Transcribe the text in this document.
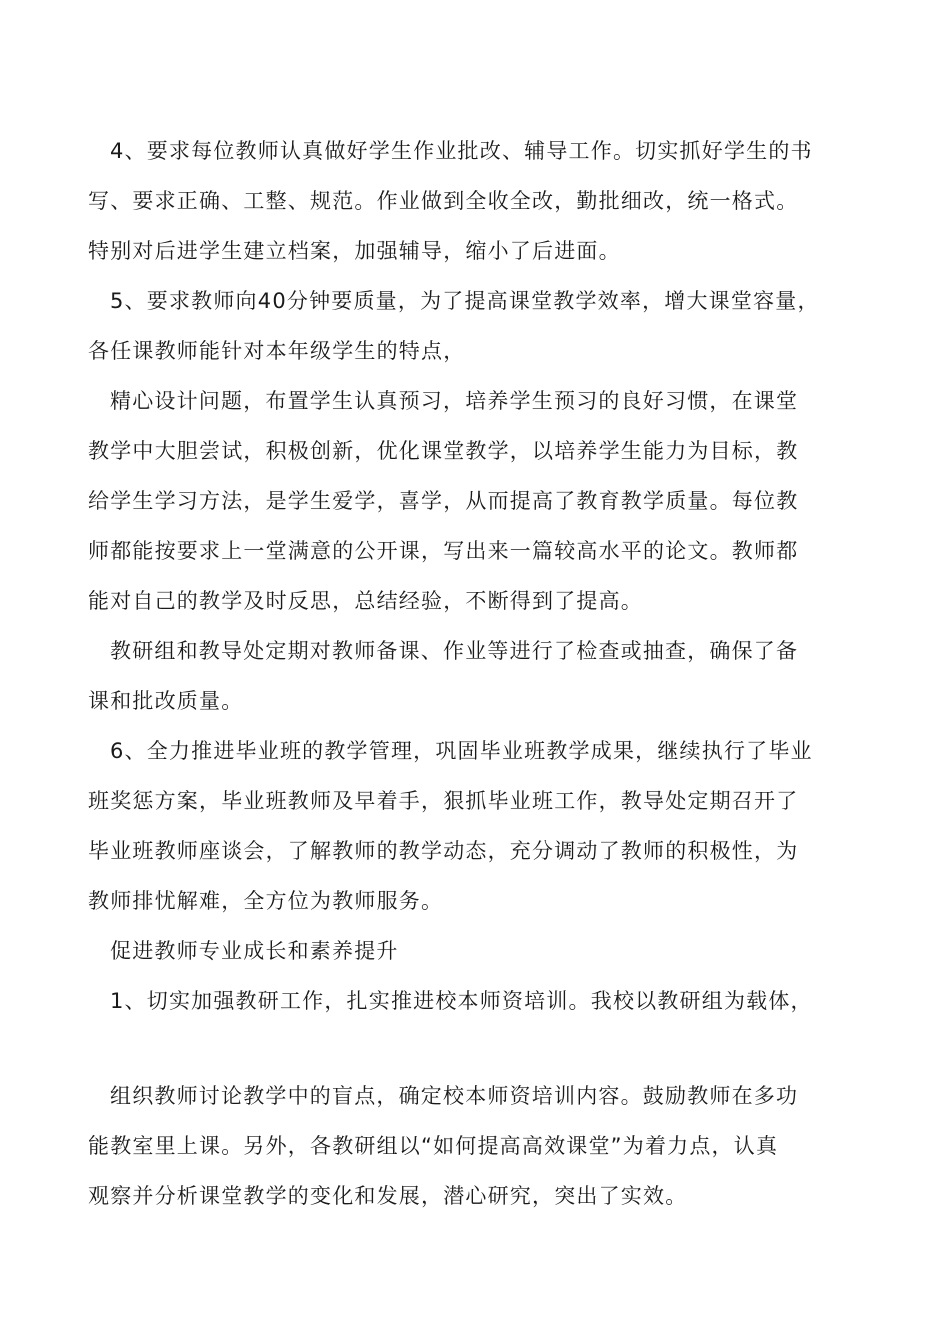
4、要求每位教师认真做好学生作业批改、辅导工作。切实抓好学生的书
写、要求正确、工整、规范。作业做到全收全改，勤批细改，统一格式。
特别对后进学生建立档案，加强辅导，缩小了后进面。
5、要求教师向40分钟要质量，为了提高课堂教学效率，增大课堂容量，
各任课教师能针对本年级学生的特点，
精心设计问题，布置学生认真预习，培养学生预习的良好习惯，在课堂
教学中大胆尝试，积极创新，优化课堂教学，以培养学生能力为目标，教
给学生学习方法，是学生爱学，喜学，从而提高了教育教学质量。每位教
师都能按要求上一堂满意的公开课，写出来一篇较高水平的论文。教师都
能对自己的教学及时反思，总结经验，不断得到了提高。
教研组和教导处定期对教师备课、作业等进行了检查或抽查，确保了备
课和批改质量。
6、全力推进毕业班的教学管理，巩固毕业班教学成果，继续执行了毕业
班奖惩方案，毕业班教师及早着手，狠抓毕业班工作，教导处定期召开了
毕业班教师座谈会，了解教师的教学动态，充分调动了教师的积极性，为
教师排忧解难，全方位为教师服务。
促进教师专业成长和素养提升
1、切实加强教研工作，扎实推进校本师资培训。我校以教研组为载体，
组织教师讨论教学中的盲点，确定校本师资培训内容。鼓励教师在多功
能教室里上课。另外，各教研组以“如何提高高效课堂”为着力点，认真
观察并分析课堂教学的变化和发展，潜心研究，突出了实效。
